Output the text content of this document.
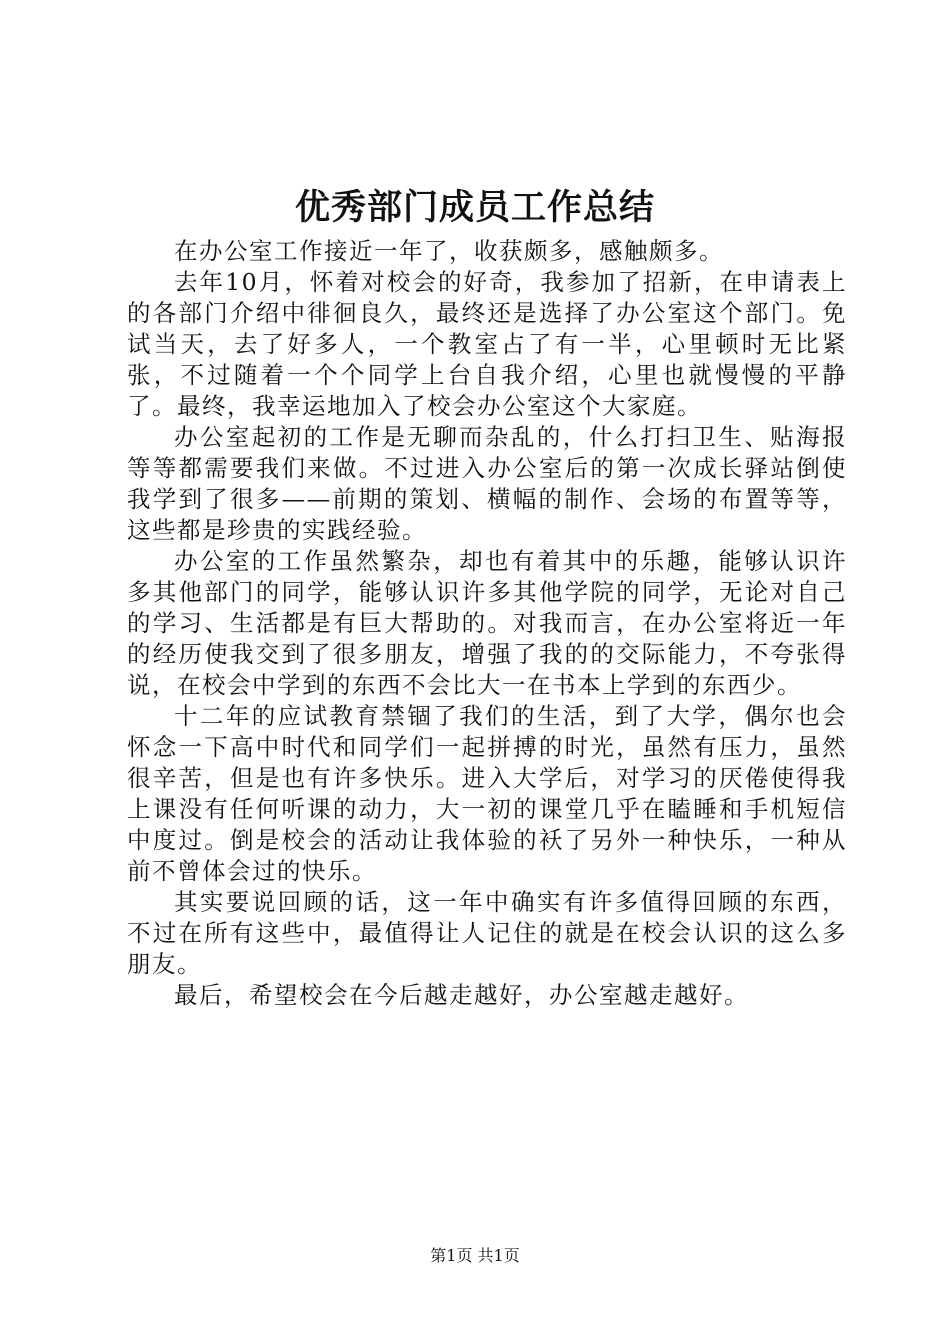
优秀部门成员工作总结

在办公室工作接近一年了，收获颇多，感触颇多。

去年10月，怀着对校会的好奇，我参加了招新，在申请表上的各部门介绍中徘徊良久，最终还是选择了办公室这个部门。免试当天，去了好多人，一个教室占了有一半，心里顿时无比紧张，不过随着一个个同学上台自我介绍，心里也就慢慢的平静了。最终，我幸运地加入了校会办公室这个大家庭。

办公室起初的工作是无聊而杂乱的，什么打扫卫生、贴海报等等都需要我们来做。不过进入办公室后的第一次成长驿站倒使我学到了很多——前期的策划、横幅的制作、会场的布置等等，这些都是珍贵的实践经验。

办公室的工作虽然繁杂，却也有着其中的乐趣，能够认识许多其他部门的同学，能够认识许多其他学院的同学，无论对自己的学习、生活都是有巨大帮助的。对我而言，在办公室将近一年的经历使我交到了很多朋友，增强了我的的交际能力，不夸张得说，在校会中学到的东西不会比大一在书本上学到的东西少。

十二年的应试教育禁锢了我们的生活，到了大学，偶尔也会怀念一下高中时代和同学们一起拼搏的时光，虽然有压力，虽然很辛苦，但是也有许多快乐。进入大学后，对学习的厌倦使得我上课没有任何听课的动力，大一初的课堂几乎在瞌睡和手机短信中度过。倒是校会的活动让我体验的袄了另外一种快乐，一种从前不曾体会过的快乐。

其实要说回顾的话，这一年中确实有许多值得回顾的东西，不过在所有这些中，最值得让人记住的就是在校会认识的这么多朋友。

最后，希望校会在今后越走越好，办公室越走越好。

第1页 共1页
